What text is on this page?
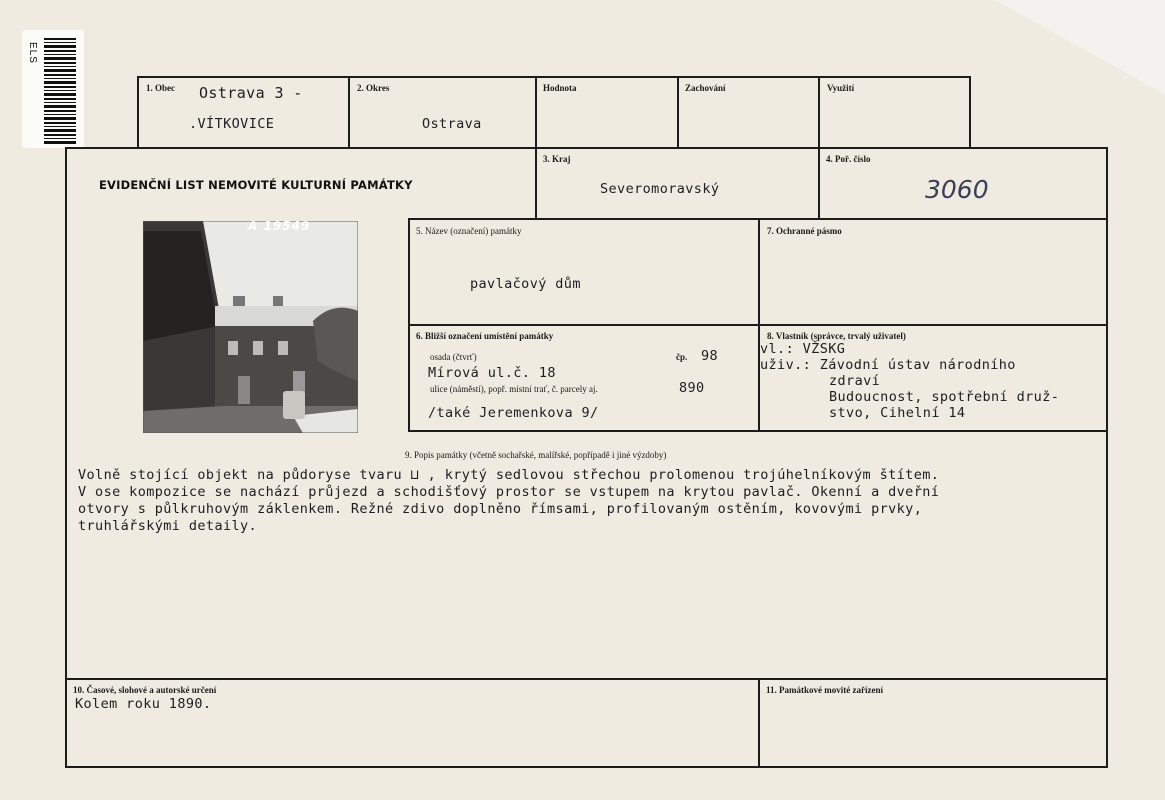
ELS
1. Obec Ostrava 3 -
.VÍTKOVICE
2. Okres
Ostrava
Hodnota	Zachování	Využití
EVIDENČNÍ LIST NEMOVITÉ KULTURNÍ PAMÁTKY
3. Kraj
Severomoravský
4. Poř. číslo
3060
A 19549	5. Název (označení) památky
pavlačový dům
7. Ochranné pásmo
6. Bližší označení umístění památky
osada (čtvrť)	čp. 98
Mírová ul.č. 18
ulice (náměstí), popř. místní trať, č. parcely aj.	890
/také Jeremenkova 9/
8. Vlastník (správce, trvalý uživatel)
vl.: VŽSKG
uživ.: Závodní ústav národního
zdraví
Budoucnost, spotřební druž-
stvo, Cihelní 14
9. Popis památky (včetně sochařské, malířské, popřípadě i jiné výzdoby)
Volně stojící objekt na půdoryse tvaru ⊔ , krytý sedlovou střechou prolomenou trojúhelníkovým štítem.
V ose kompozice se nachází průjezd a schodišťový prostor se vstupem na krytou pavlač. Okenní a dveřní
otvory s půlkruhovým záklenkem. Režné zdivo doplněno římsami, profilovaným ostěním, kovovými prvky,
truhlářskými detaily.
10. Časové, slohové a autorské určení
Kolem roku 1890.
11. Památkové movité zařízení
